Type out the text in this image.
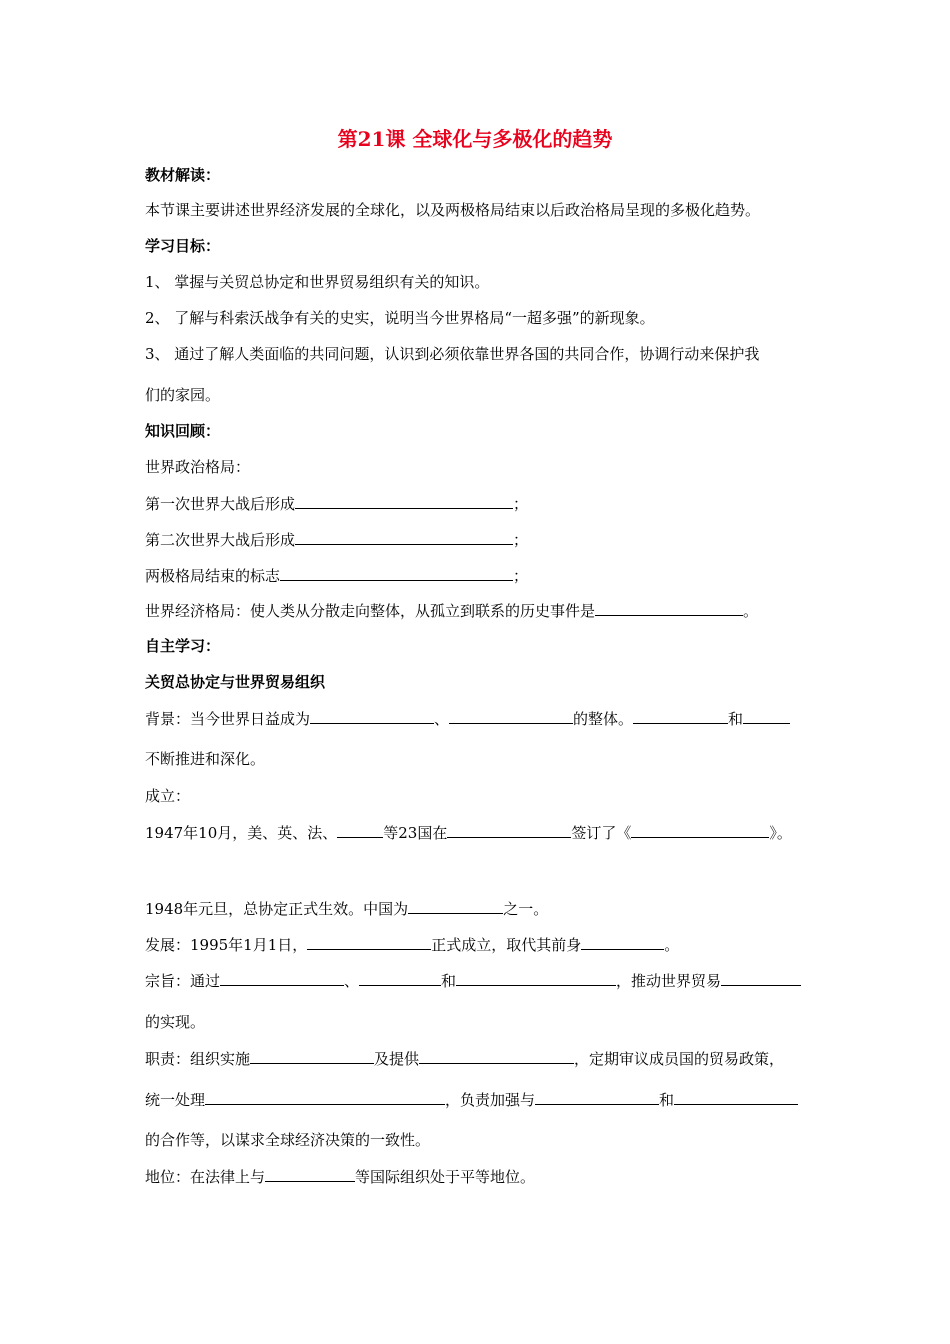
第21课 全球化与多极化的趋势
教材解读：
本节课主要讲述世界经济发展的全球化，以及两极格局结束以后政治格局呈现的多极化趋势。
学习目标：
1、 掌握与关贸总协定和世界贸易组织有关的知识。
2、 了解与科索沃战争有关的史实，说明当今世界格局“一超多强”的新现象。
3、 通过了解人类面临的共同问题，认识到必须依靠世界各国的共同合作，协调行动来保护我
们的家园。
知识回顾：
世界政治格局：
第一次世界大战后形成	；
第二次世界大战后形成	；
两极格局结束的标志	；
世界经济格局：使人类从分散走向整体，从孤立到联系的历史事件是	。
自主学习：
关贸总协定与世界贸易组织
背景：当今世界日益成为	、	的整体。	和
不断推进和深化。
成立：
1947年10月，美、英、法、	等23国在	签订了《	》。
1948年元旦，总协定正式生效。中国为	之一。
发展：1995年1月1日，	正式成立，取代其前身	。
宗旨：通过	、	和	，推动世界贸易
的实现。
职责：组织实施	及提供	，定期审议成员国的贸易政策，
统一处理	，负责加强与	和
的合作等，以谋求全球经济决策的一致性。
地位：在法律上与	等国际组织处于平等地位。
